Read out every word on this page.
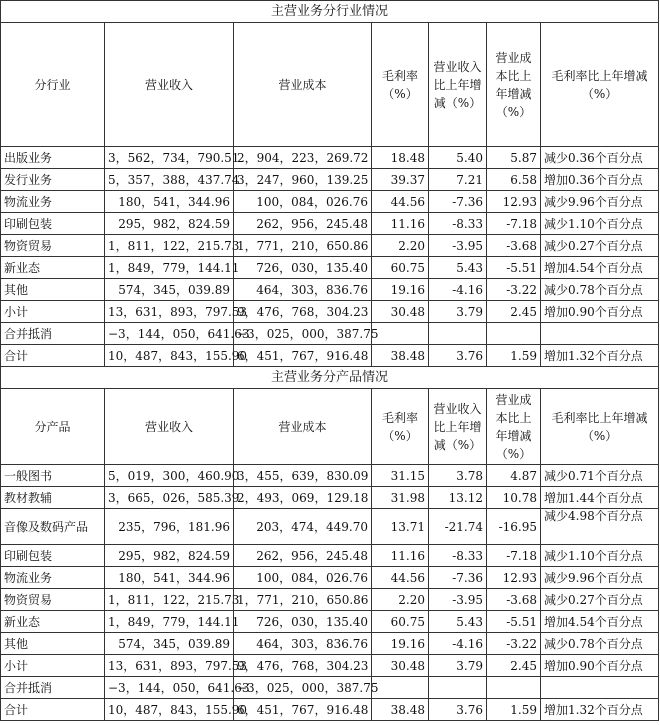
主营业务分行业情况						
分行业	营业收入	营业成本	毛利率（%）	营业收入比上年增减（%）	营业成本比上年增减（%）	毛利率比上年增减（%）
出版业务	3，562，734，790.51	2，904，223，269.72	18.48	5.40	5.87	减少0.36个百分点
发行业务	5，357，388，437.74	3，247，960，139.25	39.37	7.21	6.58	增加0.36个百分点
物流业务	180，541，344.96	100，084，026.76	44.56	-7.36	12.93	减少9.96个百分点
印刷包装	295，982，824.59	262，956，245.48	11.16	-8.33	-7.18	减少1.10个百分点
物资贸易	1，811，122，215.73	1，771，210，650.86	2.20	-3.95	-3.68	减少0.27个百分点
新业态	1，849，779，144.11	726，030，135.40	60.75	5.43	-5.51	增加4.54个百分点
其他	574，345，039.89	464，303，836.76	19.16	-4.16	-3.22	减少0.78个百分点
小计	13，631，893，797.53	9，476，768，304.23	30.48	3.79	2.45	增加0.90个百分点
合并抵消	−3，144，050，641.63	−3，025，000，387.75				
合计	10，487，843，155.90	6，451，767，916.48	38.48	3.76	1.59	增加1.32个百分点
主营业务分产品情况						
分产品	营业收入	营业成本	毛利率（%）	营业收入比上年增减（%）	营业成本比上年增减（%）	毛利率比上年增减（%）
一般图书	5，019，300，460.90	3，455，639，830.09	31.15	3.78	4.87	减少0.71个百分点
教材教辅	3，665，026，585.39	2，493，069，129.18	31.98	13.12	10.78	增加1.44个百分点
音像及数码产品	235，796，181.96	203，474，449.70	13.71	-21.74	-16.95	减少4.98个百分点
印刷包装	295，982，824.59	262，956，245.48	11.16	-8.33	-7.18	减少1.10个百分点
物流业务	180，541，344.96	100，084，026.76	44.56	-7.36	12.93	减少9.96个百分点
物资贸易	1，811，122，215.73	1，771，210，650.86	2.20	-3.95	-3.68	减少0.27个百分点
新业态	1，849，779，144.11	726，030，135.40	60.75	5.43	-5.51	增加4.54个百分点
其他	574，345，039.89	464，303，836.76	19.16	-4.16	-3.22	减少0.78个百分点
小计	13，631，893，797.53	9，476，768，304.23	30.48	3.79	2.45	增加0.90个百分点
合并抵消	−3，144，050，641.63	−3，025，000，387.75				
合计	10，487，843，155.90	6，451，767，916.48	38.48	3.76	1.59	增加1.32个百分点
